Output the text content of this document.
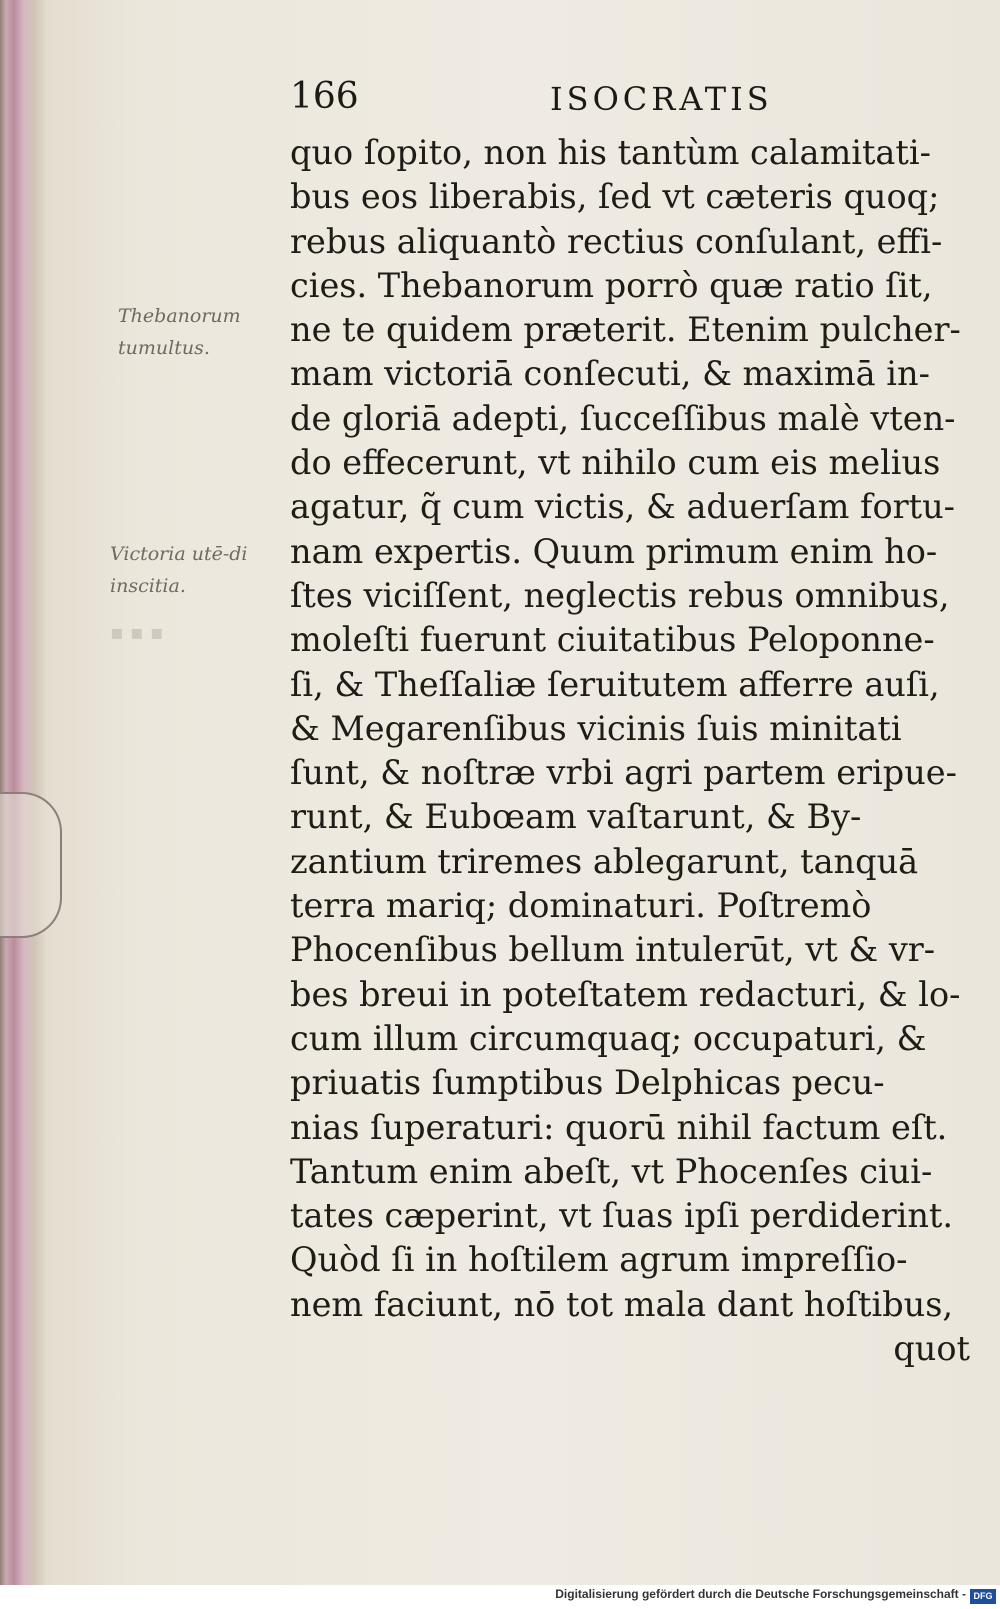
▪ ▪ ▪
166	ISOCRATIS
Thebanorum tumultus.
Victoria utē-di inscitia.
quo ſopito, non his tantùm calamitati-
bus eos liberabis, ſed vt cæteris quoq;
rebus aliquantò rectius conſulant, effi-
cies. Thebanorum porrò quæ ratio ſit,
ne te quidem præterit. Etenim pulcher-
mam victoriā conſecuti, & maximā in-
de gloriā adepti, ſucceſſibus malè vten-
do effecerunt, vt nihilo cum eis melius
agatur, q̃ cum victis, & aduerſam fortu-
nam expertis. Quum primum enim ho-
ſtes viciſſent, neglectis rebus omnibus,
moleſti fuerunt ciuitatibus Peloponne-
ſi, & Theſſaliæ ſeruitutem afferre auſi,
& Megarenſibus vicinis ſuis minitati
ſunt, & noſtræ vrbi agri partem eripue-
runt, & Eubœam vaſtarunt, & By-
zantium triremes ablegarunt, tanquā
terra mariq; dominaturi. Poſtremò
Phocenſibus bellum intulerūt, vt & vr-
bes breui in poteſtatem redacturi, & lo-
cum illum circumquaq; occupaturi, &
priuatis ſumptibus Delphicas pecu-
nias ſuperaturi: quorū nihil factum eſt.
Tantum enim abeſt, vt Phocenſes ciui-
tates cæperint, vt ſuas ipſi perdiderint.
Quòd ſi in hoſtilem agrum impreſſio-
nem faciunt, nō tot mala dant hoſtibus,
quot
Digitalisierung gefördert durch die Deutsche Forschungsgemeinschaft - DFG
